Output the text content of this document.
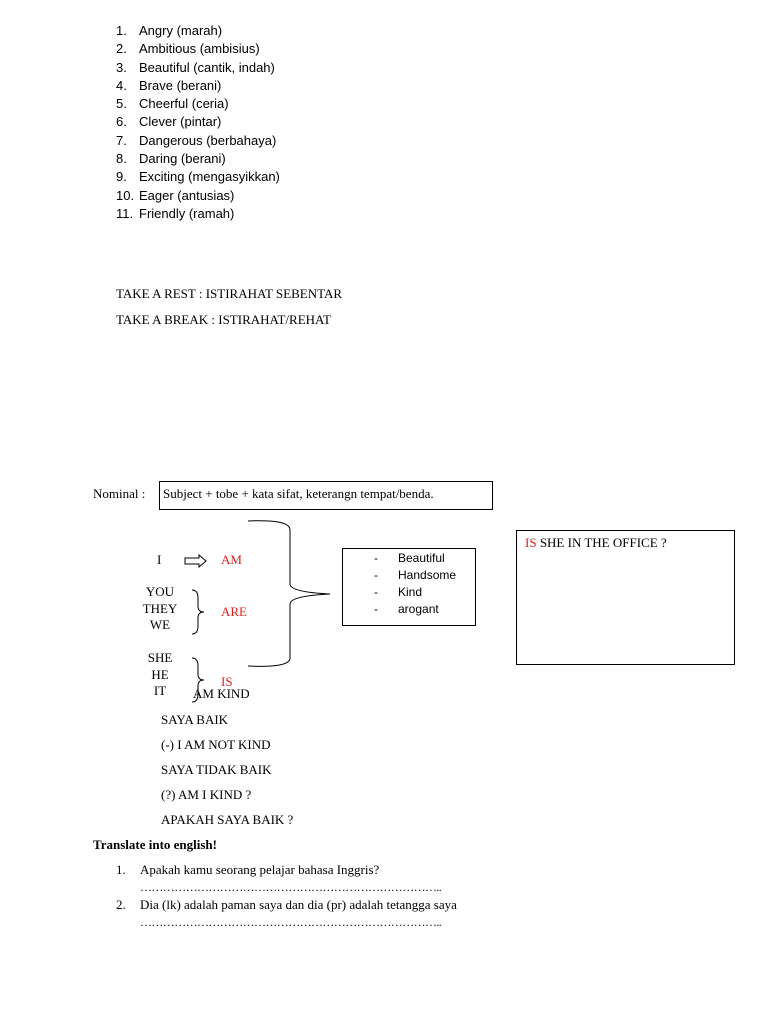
1. Angry (marah)
2. Ambitious (ambisius)
3. Beautiful (cantik, indah)
4. Brave (berani)
5. Cheerful (ceria)
6. Clever (pintar)
7. Dangerous (berbahaya)
8. Daring (berani)
9. Exciting (mengasyikkan)
10. Eager (antusias)
11. Friendly (ramah)
TAKE A REST : ISTIRAHAT SEBENTAR
TAKE A BREAK : ISTIRAHAT/REHAT
Nominal : Subject + tobe + kata sifat, keterangn tempat/benda.
I	AM
YOU
THEY
WE
ARE
SHE
HE
IT
IS
- Beautiful
- Handsome
- Kind
- arogant
IS SHE IN THE OFFICE ?
AM KIND
SAYA BAIK
(-) I AM NOT KIND
SAYA TIDAK BAIK
(?) AM I KIND ?
APAKAH SAYA BAIK ?
Translate into english!
1. Apakah kamu seorang pelajar bahasa Inggris?
……………………………………………………………………..
2. Dia (lk) adalah paman saya dan dia (pr) adalah tetangga saya
……………………………………………………………………..
